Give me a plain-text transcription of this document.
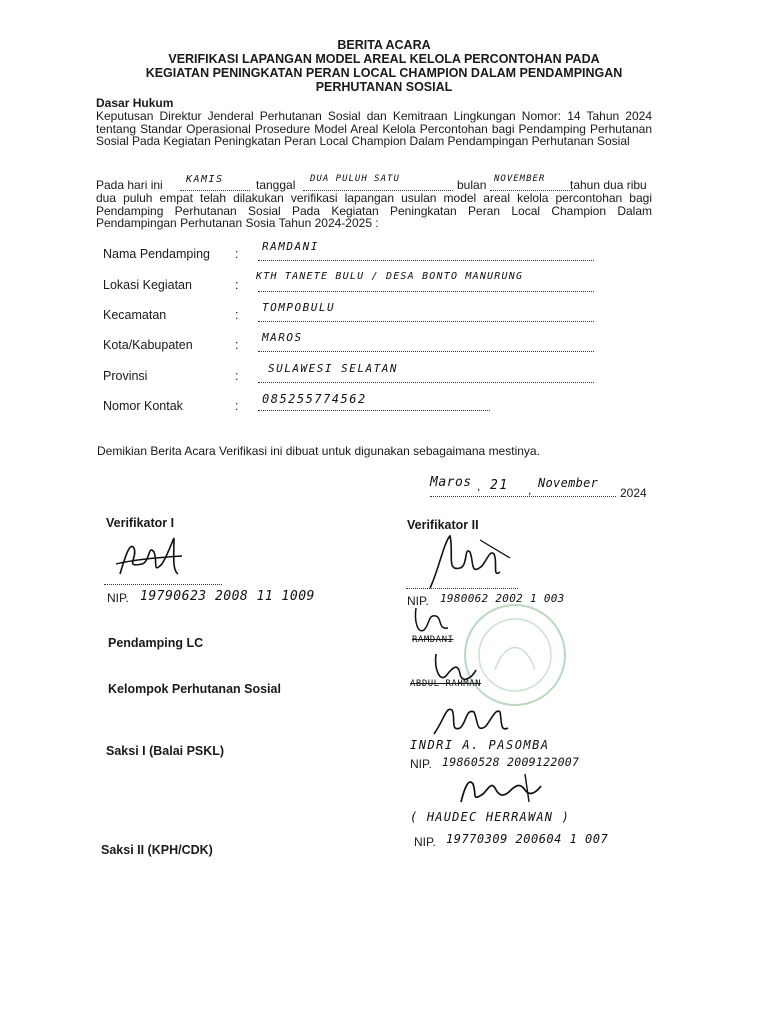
BERITA ACARA
VERIFIKASI LAPANGAN MODEL AREAL KELOLA PERCONTOHAN PADA
KEGIATAN PENINGKATAN PERAN LOCAL CHAMPION DALAM PENDAMPINGAN
PERHUTANAN SOSIAL
Dasar Hukum
Keputusan Direktur Jenderal Perhutanan Sosial dan Kemitraan Lingkungan Nomor: 14 Tahun 2024 tentang Standar Operasional Prosedure Model Areal Kelola Percontohan bagi Pendamping Perhutanan Sosial Pada Kegiatan Peningkatan Peran Local Champion Dalam Pendampingan Perhutanan Sosial
Pada hari ini KAMIS	tanggal DUA PULUH SATU	bulan NOVEMBER tahun dua ribu
dua puluh empat telah dilakukan verifikasi lapangan usulan model areal kelola percontohan bagi Pendamping Perhutanan Sosial Pada Kegiatan Peningkatan Peran Local Champion Dalam Pendampingan Perhutanan Sosia Tahun 2024-2025 :
Nama Pendamping :
RAMDANI
Lokasi Kegiatan	:
KTH TANETE BULU / DESA BONTO MANURUNG
Kecamatan	:
TOMPOBULU
Kota/Kabupaten	:
MAROS
Provinsi	:
SULAWESI SELATAN
Nomor Kontak	: 085255774562
Demikian Berita Acara Verifikasi ini dibuat untuk digunakan sebagaimana mestinya.
Maros , 21 , November
2024
Verifikator I
NIP. 19790623 2008 11 1009
Verifikator II
NIP. 1980062 2002 1 003
Pendamping LC	RAMDANI
Kelompok Perhutanan Sosial	ABDUL RAHMAN
Saksi I (Balai PSKL)	INDRI A. PASOMBA
NIP. 19860528 2009122007
( HAUDEC HERRAWAN )
Saksi II (KPH/CDK)
NIP. 19770309 200604 1 007
